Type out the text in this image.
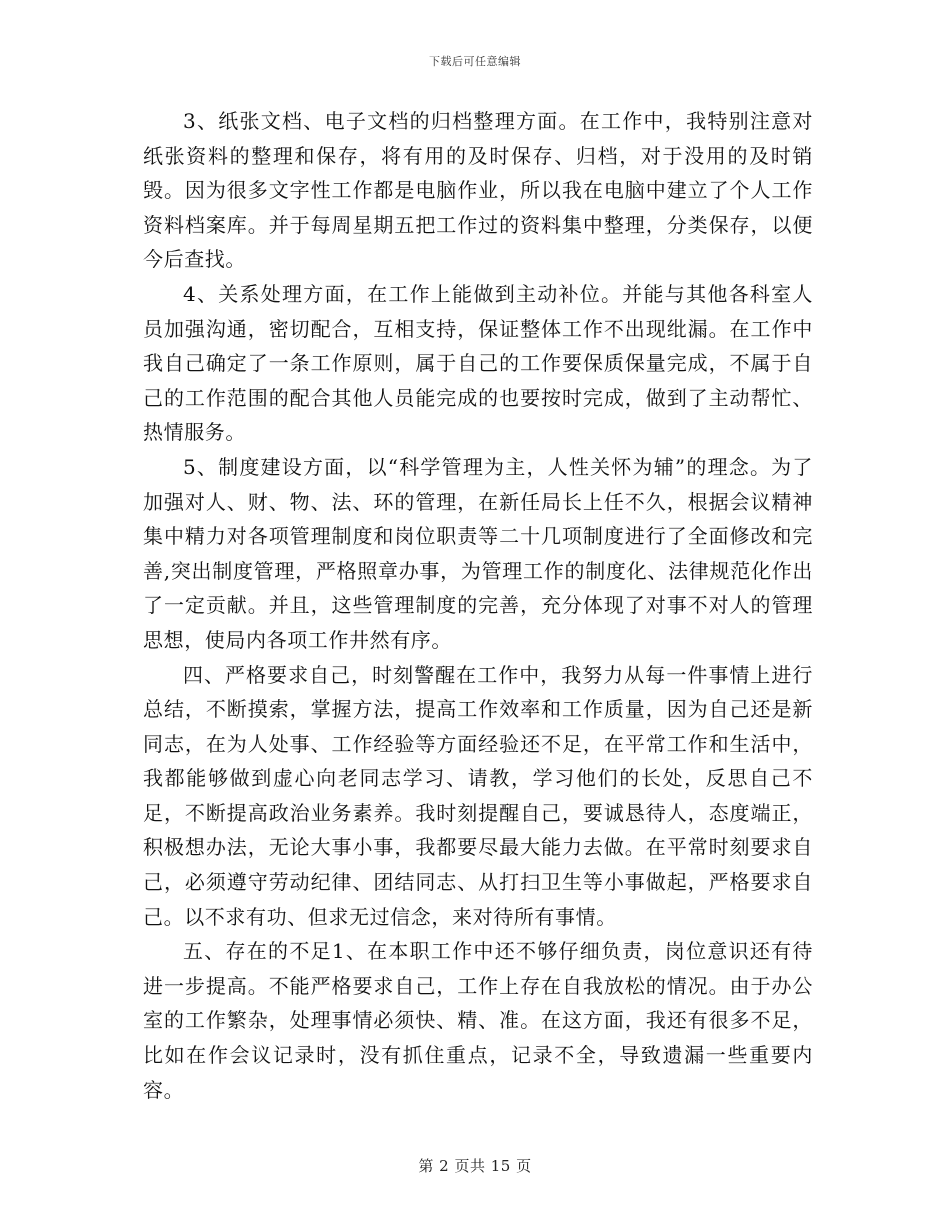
下载后可任意编辑

3、纸张文档、电子文档的归档整理方面。在工作中，我特别注意对纸张资料的整理和保存，将有用的及时保存、归档，对于没用的及时销毁。因为很多文字性工作都是电脑作业，所以我在电脑中建立了个人工作资料档案库。并于每周星期五把工作过的资料集中整理，分类保存，以便今后查找。

4、关系处理方面，在工作上能做到主动补位。并能与其他各科室人员加强沟通，密切配合，互相支持，保证整体工作不出现纰漏。在工作中我自己确定了一条工作原则，属于自己的工作要保质保量完成，不属于自己的工作范围的配合其他人员能完成的也要按时完成，做到了主动帮忙、热情服务。

5、制度建设方面，以“科学管理为主，人性关怀为辅”的理念。为了加强对人、财、物、法、环的管理，在新任局长上任不久，根据会议精神集中精力对各项管理制度和岗位职责等二十几项制度进行了全面修改和完善,突出制度管理，严格照章办事，为管理工作的制度化、法律规范化作出了一定贡献。并且，这些管理制度的完善，充分体现了对事不对人的管理思想，使局内各项工作井然有序。

四、严格要求自己，时刻警醒在工作中，我努力从每一件事情上进行总结，不断摸索，掌握方法，提高工作效率和工作质量，因为自己还是新同志，在为人处事、工作经验等方面经验还不足，在平常工作和生活中，我都能够做到虚心向老同志学习、请教，学习他们的长处，反思自己不足，不断提高政治业务素养。我时刻提醒自己，要诚恳待人，态度端正，积极想办法，无论大事小事，我都要尽最大能力去做。在平常时刻要求自己，必须遵守劳动纪律、团结同志、从打扫卫生等小事做起，严格要求自己。以不求有功、但求无过信念，来对待所有事情。

五、存在的不足1、在本职工作中还不够仔细负责，岗位意识还有待进一步提高。不能严格要求自己，工作上存在自我放松的情况。由于办公室的工作繁杂，处理事情必须快、精、准。在这方面，我还有很多不足，比如在作会议记录时，没有抓住重点，记录不全，导致遗漏一些重要内容。

第 2 页共 15 页
